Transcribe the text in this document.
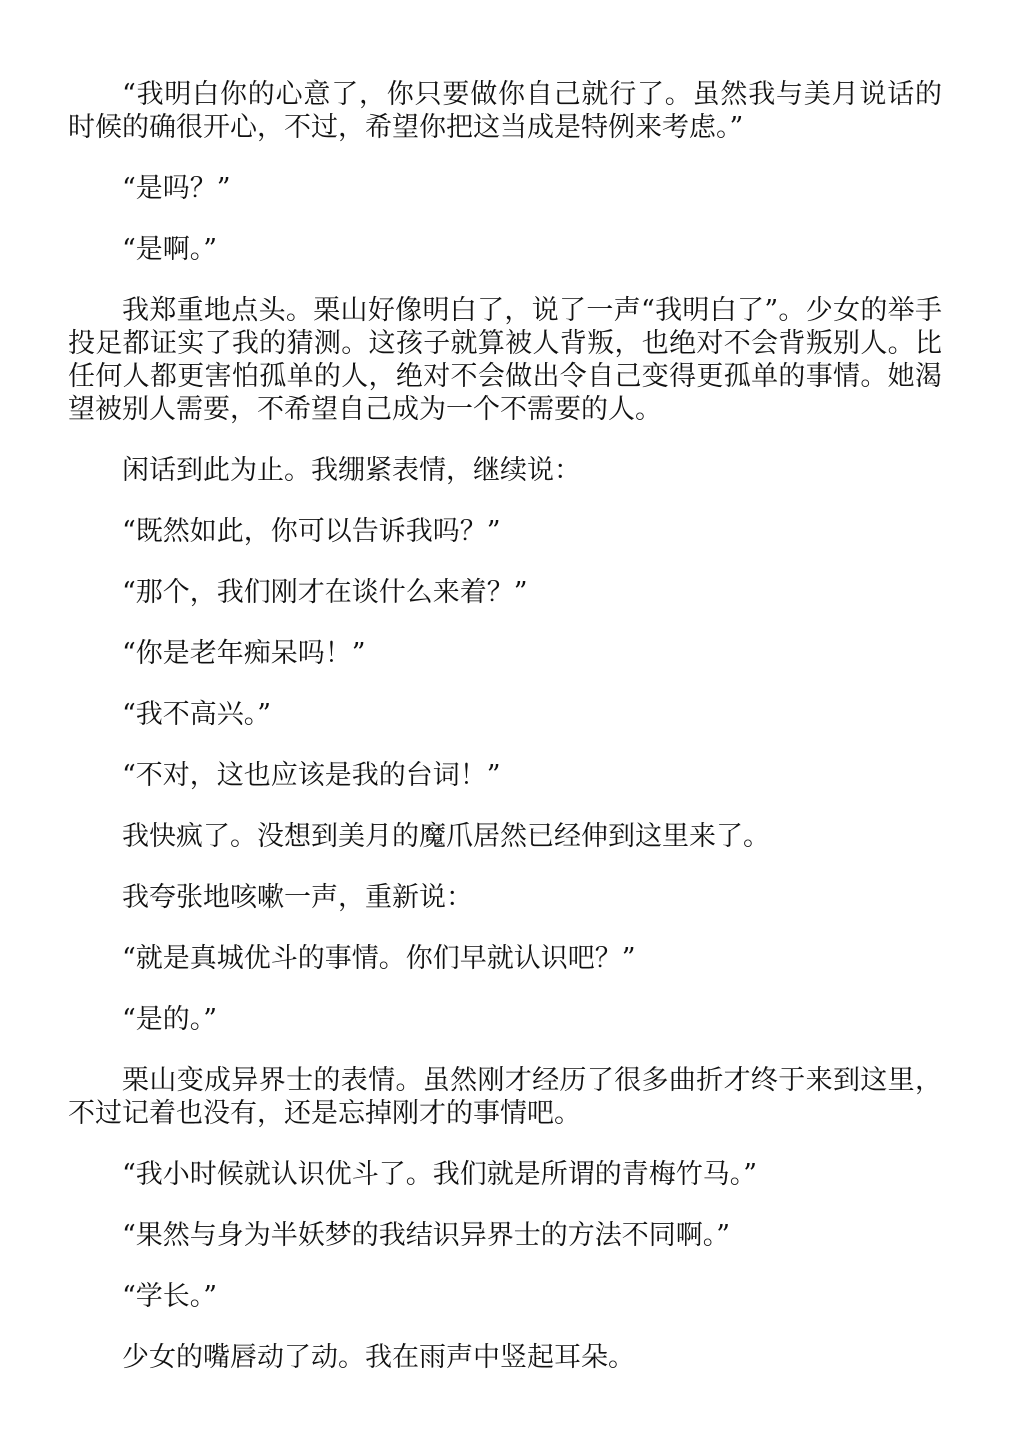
“我明白你的心意了，你只要做你自己就行了。虽然我与美月说话的时候的确很开心，不过，希望你把这当成是特例来考虑。”

“是吗？”

“是啊。”

我郑重地点头。栗山好像明白了，说了一声“我明白了”。少女的举手投足都证实了我的猜测。这孩子就算被人背叛，也绝对不会背叛别人。比任何人都更害怕孤单的人，绝对不会做出令自己变得更孤单的事情。她渴望被别人需要，不希望自己成为一个不需要的人。

闲话到此为止。我绷紧表情，继续说：

“既然如此，你可以告诉我吗？”

“那个，我们刚才在谈什么来着？”

“你是老年痴呆吗！”

“我不高兴。”

“不对，这也应该是我的台词！”

我快疯了。没想到美月的魔爪居然已经伸到这里来了。

我夸张地咳嗽一声，重新说：

“就是真城优斗的事情。你们早就认识吧？”

“是的。”

栗山变成异界士的表情。虽然刚才经历了很多曲折才终于来到这里，不过记着也没有，还是忘掉刚才的事情吧。

“我小时候就认识优斗了。我们就是所谓的青梅竹马。”

“果然与身为半妖梦的我结识异界士的方法不同啊。”

“学长。”

少女的嘴唇动了动。我在雨声中竖起耳朵。
